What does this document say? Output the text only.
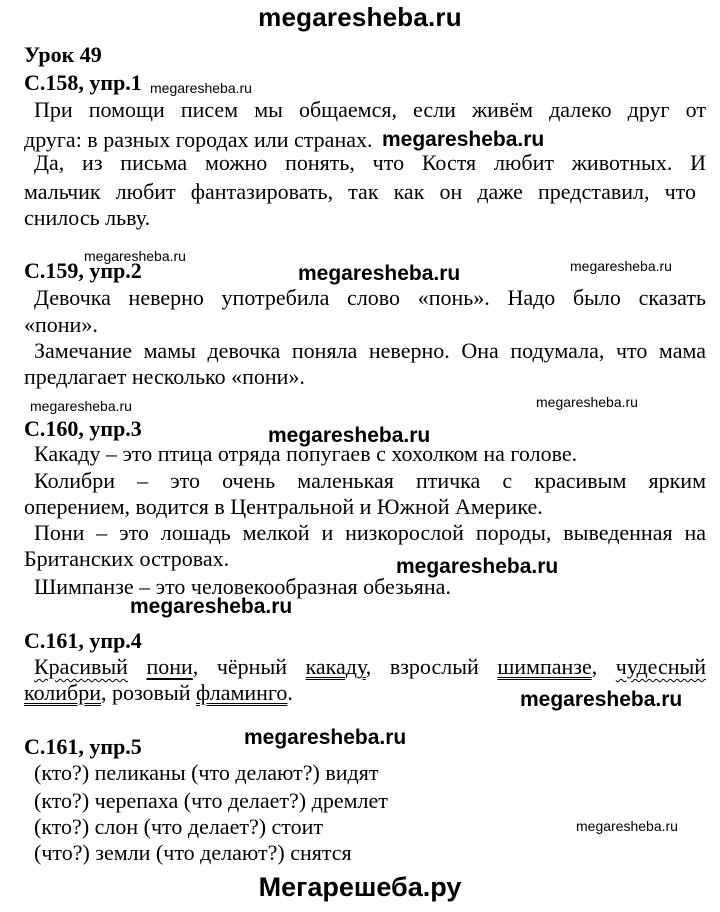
megaresheba.ru
Мегарешеба.ру
Урок 49
С.158, упр.1 megaresheba.ru
При помощи писем мы общаемся, если живём далеко друг от
друга: в разных городах или странах. megaresheba.ru
Да, из письма можно понять, что Костя любит животных. И
мальчик любит фантазировать, так как он даже представил, что
снилось льву.
megaresheba.ru
С.159, упр.2	megaresheba.ru	megaresheba.ru
Девочка неверно употребила слово «понь». Надо было сказать
«пони».
Замечание мамы девочка поняла неверно. Она подумала, что мама
предлагает несколько «пони».
megaresheba.ru	megaresheba.ru
С.160, упр.3	megaresheba.ru
Какаду – это птица отряда попугаев с хохолком на голове.
Колибри – это очень маленькая птичка с красивым ярким
оперением, водится в Центральной и Южной Америке.
Пони – это лошадь мелкой и низкорослой породы, выведенная на
Британских островах.	megaresheba.ru
Шимпанзе – это человекообразная обезьяна.
megaresheba.ru
С.161, упр.4
Красивый пони, чёрный какаду, взрослый шимпанзе, чудесный
колибри, розовый фламинго.	megaresheba.ru
С.161, упр.5	megaresheba.ru
(кто?) пеликаны (что делают?) видят
(кто?) черепаха (что делает?) дремлет
(кто?) слон (что делает?) стоит	megaresheba.ru
(что?) земли (что делают?) снятся
